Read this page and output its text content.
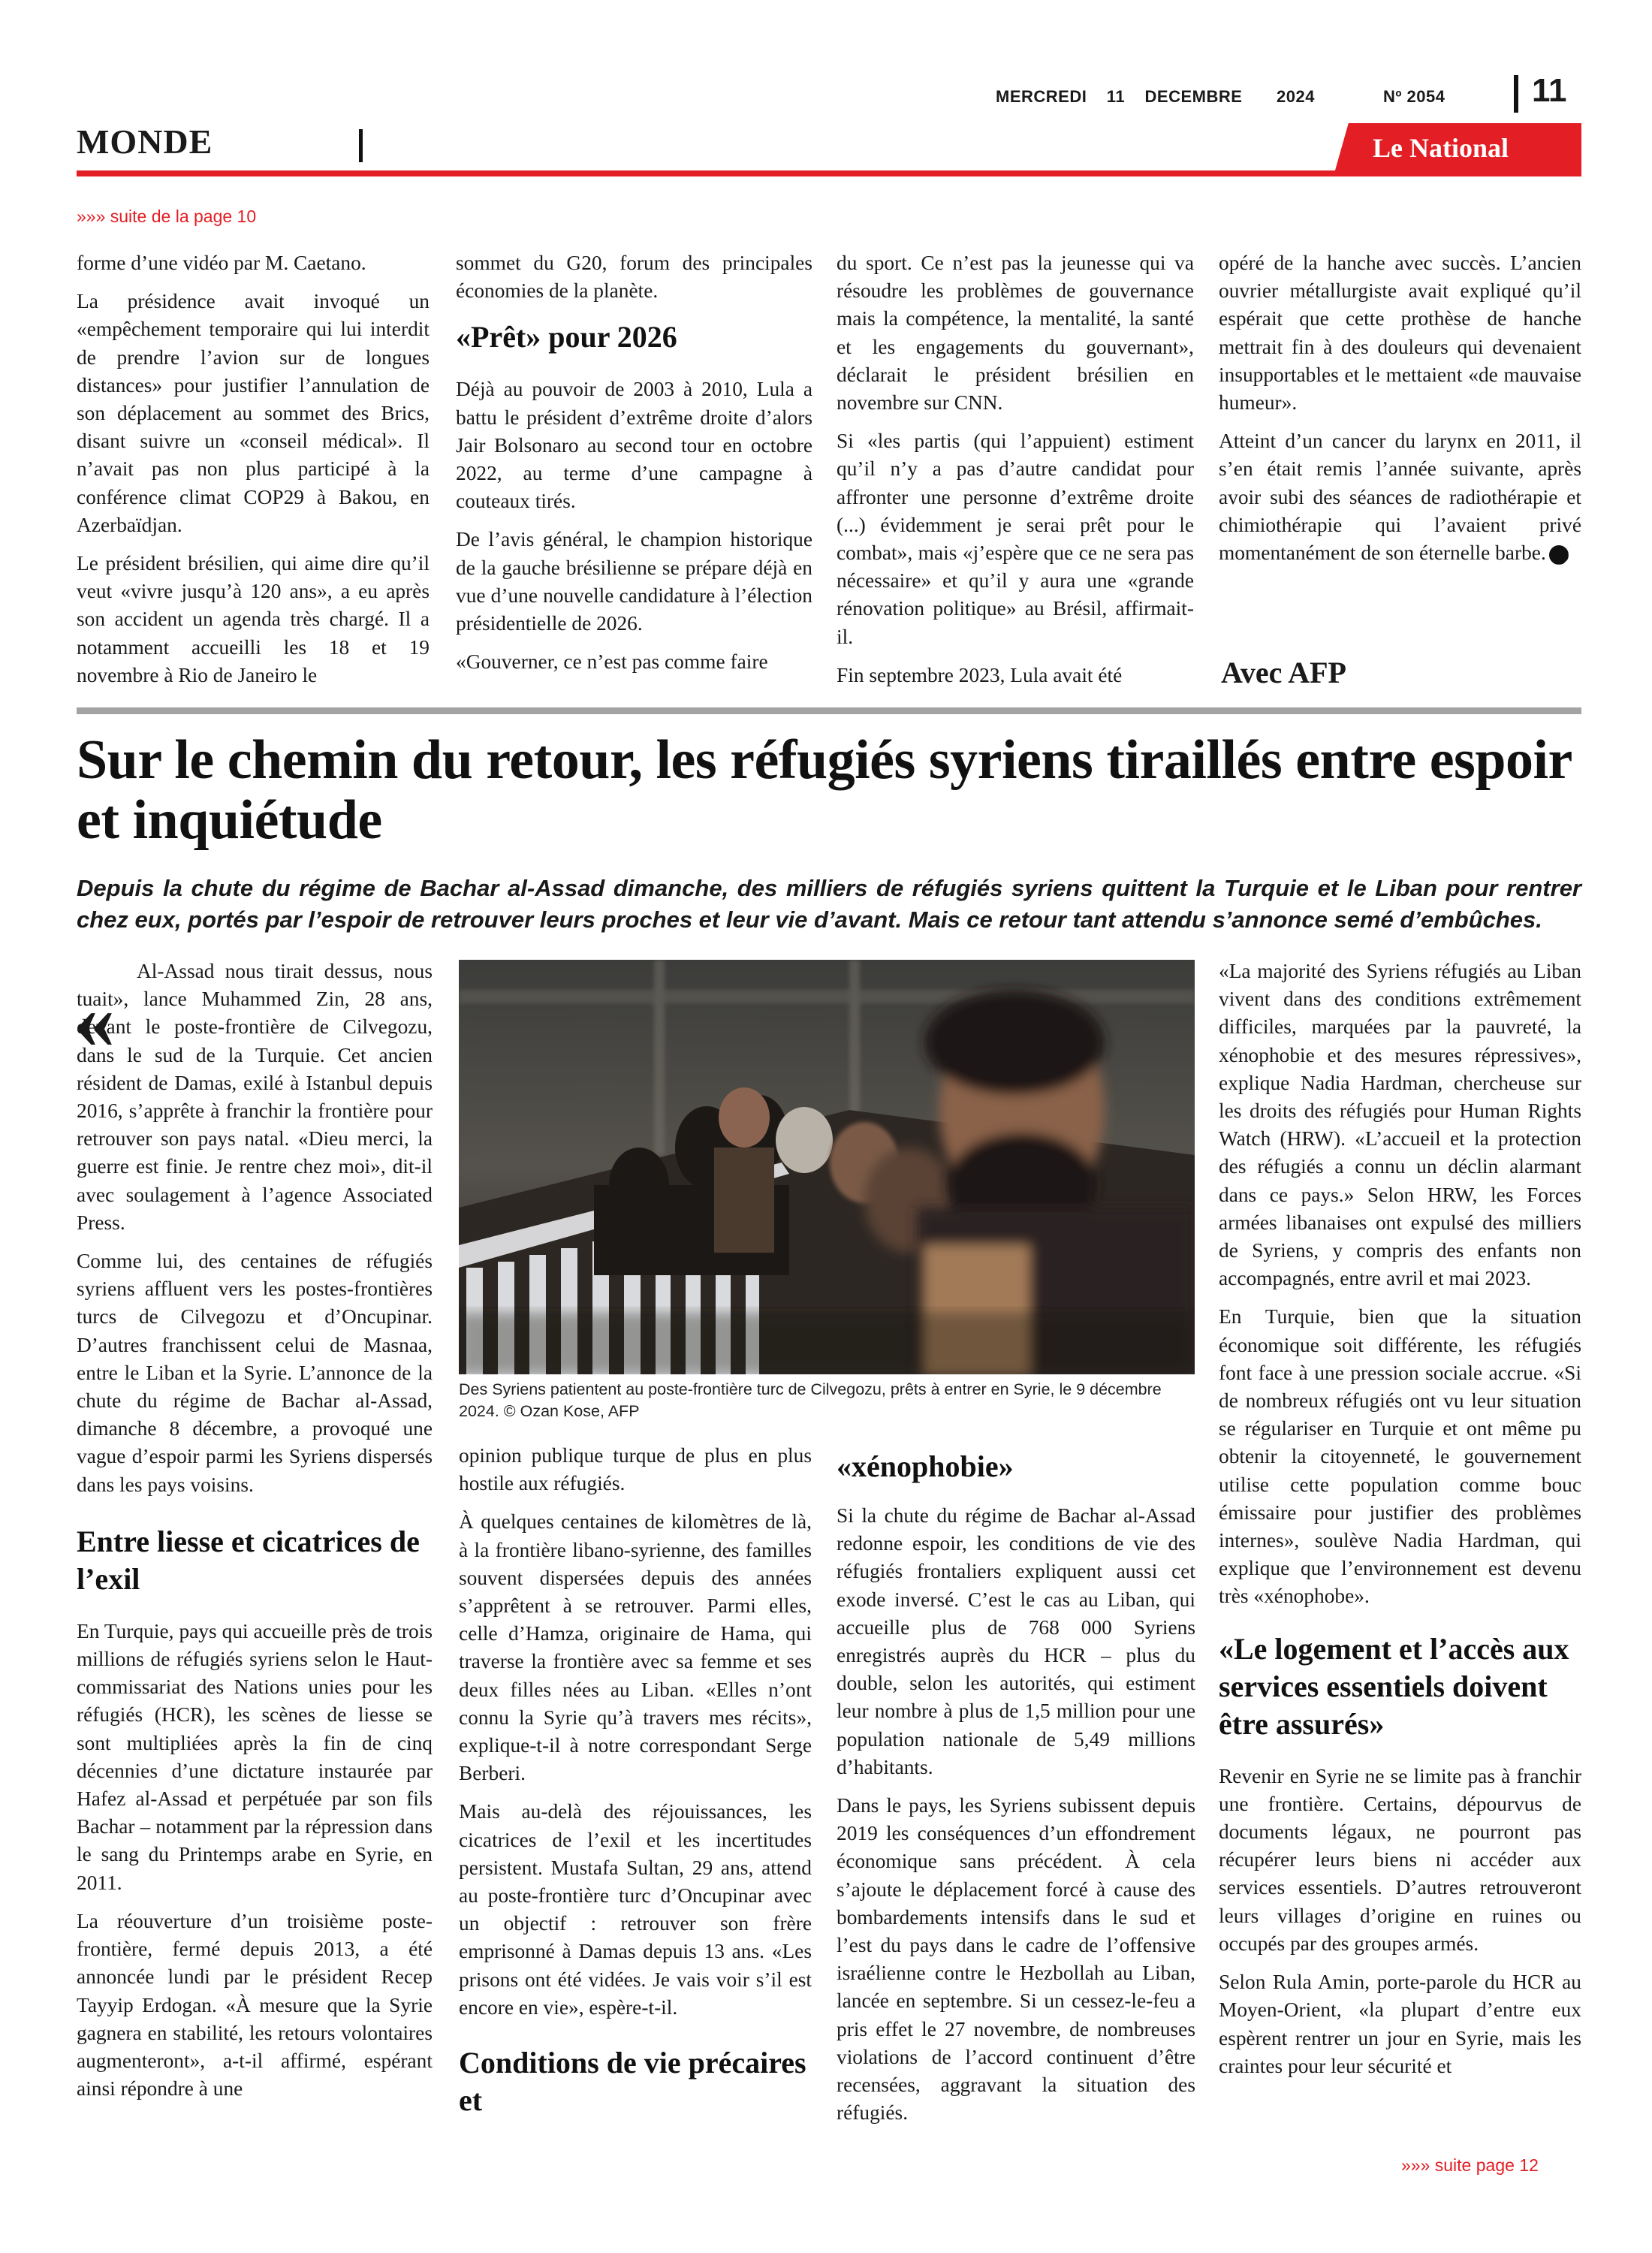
MERCREDI 11 DECEMBRE 2024	Nº 2054	11
MONDE	Le National
»»» suite de la page 10

forme d’une vidéo par M. Caetano.

La présidence avait invoqué un «empêchement temporaire qui lui interdit de prendre l’avion sur de longues distances» pour justifier l’annulation de son déplacement au sommet des Brics, disant suivre un «conseil médical». Il n’avait pas non plus participé à la conférence climat COP29 à Bakou, en Azerbaïdjan.

Le président brésilien, qui aime dire qu’il veut «vivre jusqu’à 120 ans», a eu après son accident un agenda très chargé. Il a notamment accueilli les 18 et 19 novembre à Rio de Janeiro le

sommet du G20, forum des principales économies de la planète.

«Prêt» pour 2026

Déjà au pouvoir de 2003 à 2010, Lula a battu le président d’extrême droite d’alors Jair Bolsonaro au second tour en octobre 2022, au terme d’une campagne à couteaux tirés.

De l’avis général, le champion historique de la gauche brésilienne se prépare déjà en vue d’une nouvelle candidature à l’élection présidentielle de 2026.

«Gouverner, ce n’est pas comme faire

du sport. Ce n’est pas la jeunesse qui va résoudre les problèmes de gouvernance mais la compétence, la mentalité, la santé et les engagements du gouvernant», déclarait le président brésilien en novembre sur CNN.

Si «les partis (qui l’appuient) estiment qu’il n’y a pas d’autre candidat pour affronter une personne d’extrême droite (...) évidemment je serai prêt pour le combat», mais «j’espère que ce ne sera pas nécessaire» et qu’il y aura une «grande rénovation politique» au Brésil, affirmait-il.

Fin septembre 2023, Lula avait été

opéré de la hanche avec succès. L’ancien ouvrier métallurgiste avait expliqué qu’il espérait que cette prothèse de hanche mettrait fin à des douleurs qui devenaient insupportables et le mettaient «de mauvaise humeur».

Atteint d’un cancer du larynx en 2011, il s’en était remis l’année suivante, après avoir subi des séances de radiothérapie et chimiothérapie qui l’avaient privé momentanément de son éternelle barbe.

Avec AFP
Sur le chemin du retour, les réfugiés syriens tiraillés entre espoir et inquiétude
Depuis la chute du régime de Bachar al-Assad dimanche, des milliers de réfugiés syriens quittent la Turquie et le Liban pour rentrer chez eux, portés par l’espoir de retrouver leurs proches et leur vie d’avant. Mais ce retour tant attendu s’annonce semé d’embûches.
«

Al-Assad nous tirait dessus, nous tuait», lance Muhammed Zin, 28 ans, devant le poste-frontière de Cilvegozu, dans le sud de la Turquie. Cet ancien résident de Damas, exilé à Istanbul depuis 2016, s’apprête à franchir la frontière pour retrouver son pays natal. «Dieu merci, la guerre est finie. Je rentre chez moi», dit-il avec soulagement à l’agence Associated Press.

Comme lui, des centaines de réfugiés syriens affluent vers les postes-frontières turcs de Cilvegozu et d’Oncupinar. D’autres franchissent celui de Masnaa, entre le Liban et la Syrie. L’annonce de la chute du régime de Bachar al-Assad, dimanche 8 décembre, a provoqué une vague d’espoir parmi les Syriens dispersés dans les pays voisins.

Entre liesse et cicatrices de l’exil

En Turquie, pays qui accueille près de trois millions de réfugiés syriens selon le Haut-commissariat des Nations unies pour les réfugiés (HCR), les scènes de liesse se sont multipliées après la fin de cinq décennies d’une dictature instaurée par Hafez al-Assad et perpétuée par son fils Bachar – notamment par la répression dans le sang du Printemps arabe en Syrie, en 2011.

La réouverture d’un troisième poste-frontière, fermé depuis 2013, a été annoncée lundi par le président Recep Tayyip Erdogan. «À mesure que la Syrie gagnera en stabilité, les retours volontaires augmenteront», a-t-il affirmé, espérant ainsi répondre à une

Des Syriens patientent au poste-frontière turc de Cilvegozu, prêts à entrer en Syrie, le 9 décembre 2024. © Ozan Kose, AFP

opinion publique turque de plus en plus hostile aux réfugiés.

À quelques centaines de kilomètres de là, à la frontière libano-syrienne, des familles souvent dispersées depuis des années s’apprêtent à se retrouver. Parmi elles, celle d’Hamza, originaire de Hama, qui traverse la frontière avec sa femme et ses deux filles nées au Liban. «Elles n’ont connu la Syrie qu’à travers mes récits», explique-t-il à notre correspondant Serge Berberi.

Mais au-delà des réjouissances, les cicatrices de l’exil et les incertitudes persistent. Mustafa Sultan, 29 ans, attend au poste-frontière turc d’Oncupinar avec un objectif : retrouver son frère emprisonné à Damas depuis 13 ans. «Les prisons ont été vidées. Je vais voir s’il est encore en vie», espère-t-il.

Conditions de vie précaires et
«xénophobie»

Si la chute du régime de Bachar al-Assad redonne espoir, les conditions de vie des réfugiés frontaliers expliquent aussi cet exode inversé. C’est le cas au Liban, qui accueille plus de 768 000 Syriens enregistrés auprès du HCR – plus du double, selon les autorités, qui estiment leur nombre à plus de 1,5 million pour une population nationale de 5,49 millions d’habitants.

Dans le pays, les Syriens subissent depuis 2019 les conséquences d’un effondrement économique sans précédent. À cela s’ajoute le déplacement forcé à cause des bombardements intensifs dans le sud et l’est du pays dans le cadre de l’offensive israélienne contre le Hezbollah au Liban, lancée en septembre. Si un cessez-le-feu a pris effet le 27 novembre, de nombreuses violations de l’accord continuent d’être recensées, aggravant la situation des réfugiés.

«La majorité des Syriens réfugiés au Liban vivent dans des conditions extrêmement difficiles, marquées par la pauvreté, la xénophobie et des mesures répressives», explique Nadia Hardman, chercheuse sur les droits des réfugiés pour Human Rights Watch (HRW). «L’accueil et la protection des réfugiés a connu un déclin alarmant dans ce pays.» Selon HRW, les Forces armées libanaises ont expulsé des milliers de Syriens, y compris des enfants non accompagnés, entre avril et mai 2023.

En Turquie, bien que la situation économique soit différente, les réfugiés font face à une pression sociale accrue. «Si de nombreux réfugiés ont vu leur situation se régulariser en Turquie et ont même pu obtenir la citoyenneté, le gouvernement utilise cette population comme bouc émissaire pour justifier des problèmes internes», soulève Nadia Hardman, qui explique que l’environnement est devenu très «xénophobe».

«Le logement et l’accès aux services essentiels doivent être assurés»

Revenir en Syrie ne se limite pas à franchir une frontière. Certains, dépourvus de documents légaux, ne pourront pas récupérer leurs biens ni accéder aux services essentiels. D’autres retrouveront leurs villages d’origine en ruines ou occupés par des groupes armés.

Selon Rula Amin, porte-parole du HCR au Moyen-Orient, «la plupart d’entre eux espèrent rentrer un jour en Syrie, mais les craintes pour leur sécurité et

»»» suite page 12
